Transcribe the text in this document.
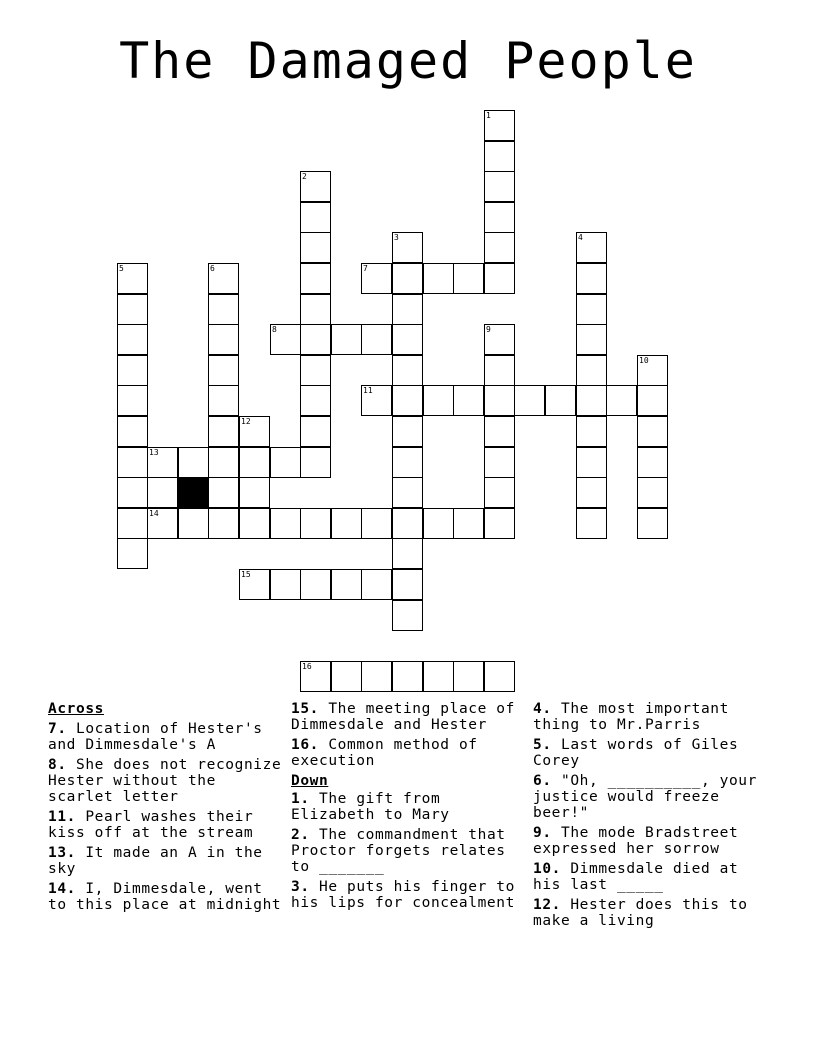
The Damaged People
1
2
3	4
5	6	7
8	9
10
11
12
13
14
15
16
Across
7. Location of Hester's and Dimmesdale's A
8. She does not recognize Hester without the scarlet letter
11. Pearl washes their kiss off at the stream
13. It made an A in the sky
14. I, Dimmesdale, went to this place at midnight
15. The meeting place of Dimmesdale and Hester
16. Common method of execution
Down
1. The gift from Elizabeth to Mary
2. The commandment that Proctor forgets relates to _______
3. He puts his finger to his lips for concealment
4. The most important thing to Mr.Parris
5. Last words of Giles Corey
6. "Oh, __________, your justice would freeze beer!"
9. The mode Bradstreet expressed her sorrow
10. Dimmesdale died at his last _____
12. Hester does this to make a living
